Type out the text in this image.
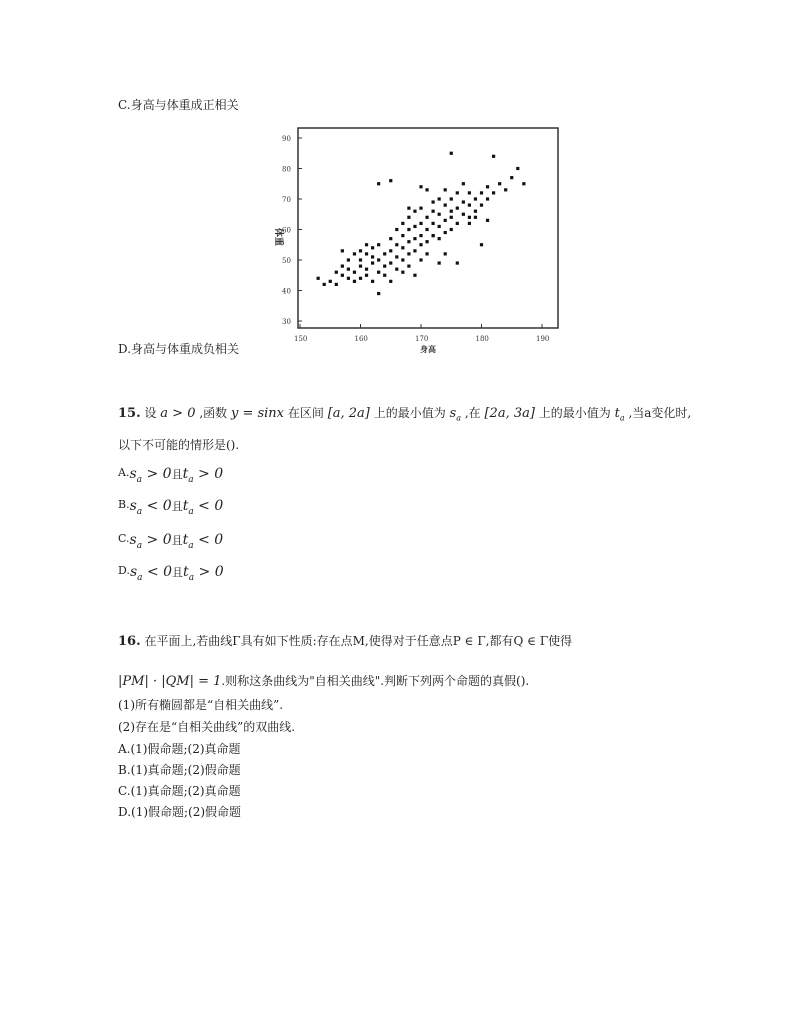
C.身高与体重成正相关
30
40
50
60
70
80
90
150	160	170	180	190
体重
身高
D.身高与体重成负相关
15. 设 a > 0 ,函数 y = sinx 在区间 [a, 2a] 上的最小值为 $s_a$ ,在 [2a, 3a] 上的最小值为 $t_a$ ,当a变化时,
以下不可能的情形是().
$A.s_a > 0$且$t_a > 0$
$B.s_a < 0$且$t_a < 0$
$C.s_a > 0$且$t_a < 0$
$D.s_a < 0$且$t_a > 0$
16. 在平面上,若曲线Γ具有如下性质:存在点M,使得对于任意点P ∈ Γ,都有Q ∈ Γ使得
|PM| · |QM| = 1.则称这条曲线为"自相关曲线".判断下列两个命题的真假().
(1)所有椭圆都是“自相关曲线”.
(2)存在是“自相关曲线”的双曲线.
A.(1)假命题;(2)真命题
B.(1)真命题;(2)假命题
C.(1)真命题;(2)真命题
D.(1)假命题;(2)假命题
